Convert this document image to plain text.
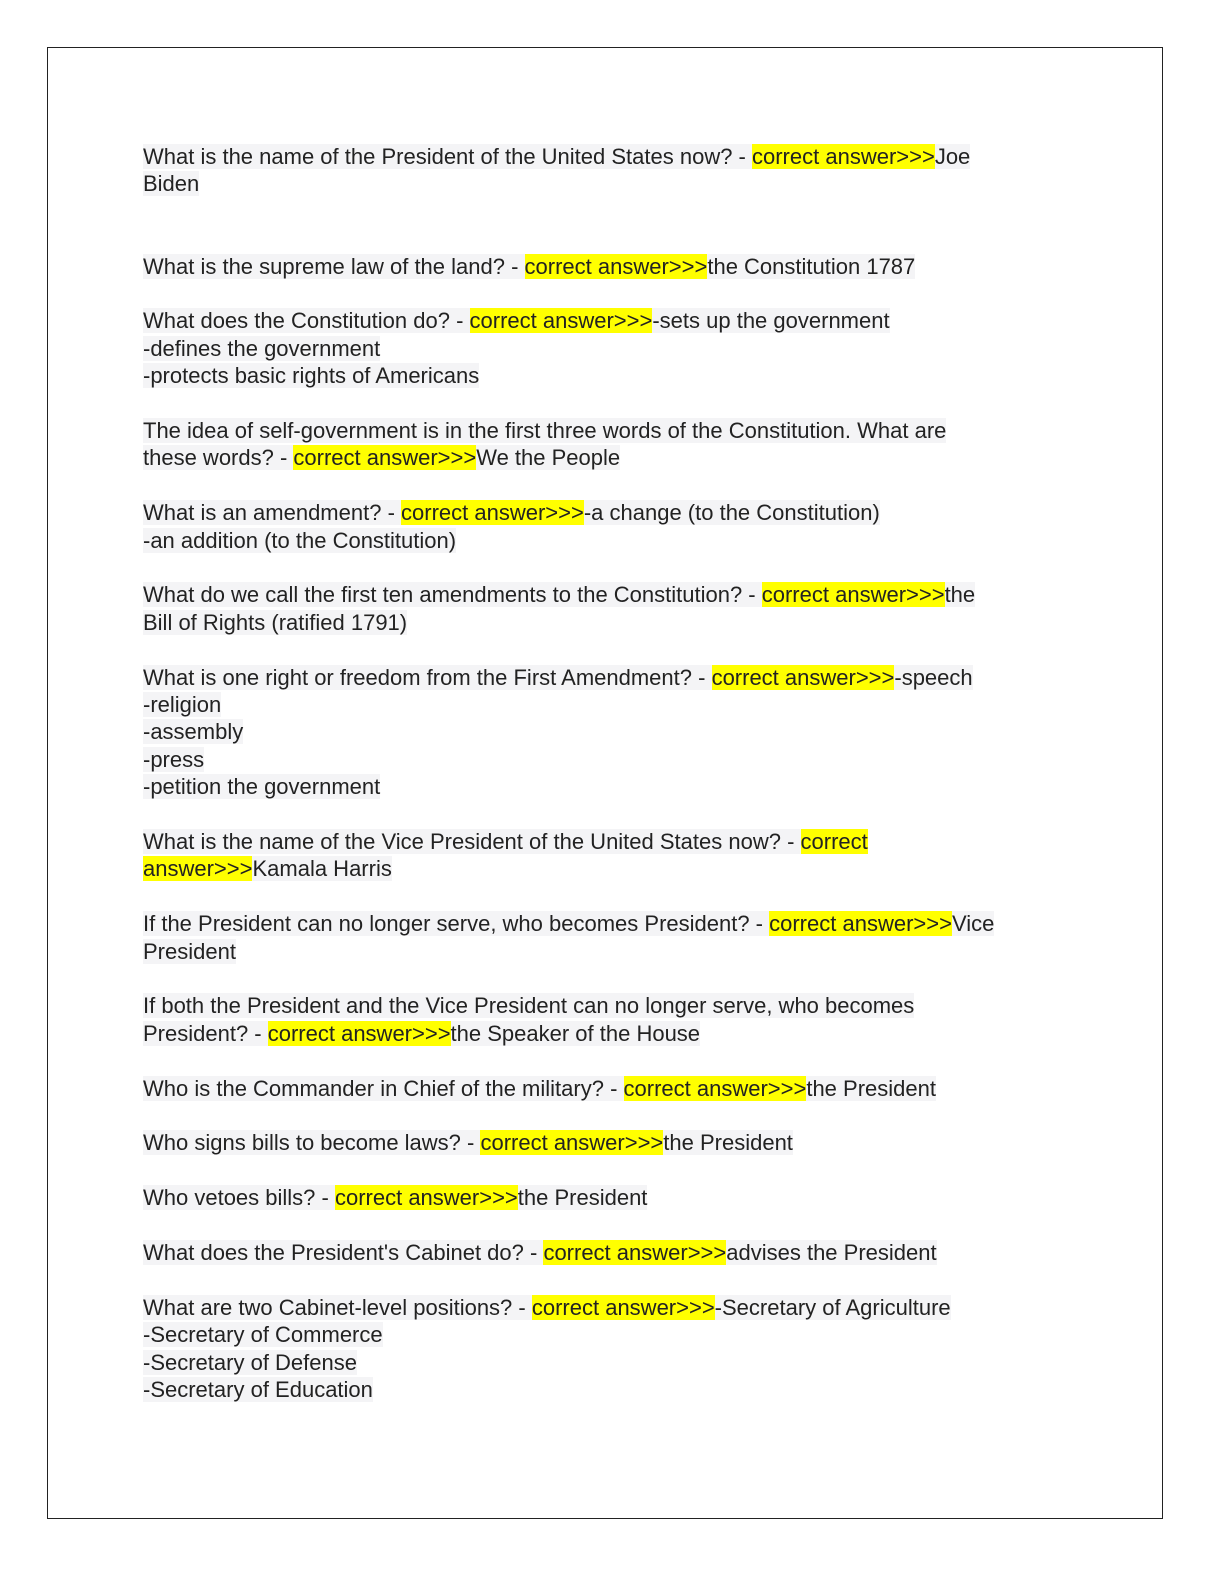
What is the name of the President of the United States now? - correct answer>>>Joe
Biden
What is the supreme law of the land? - correct answer>>>the Constitution 1787
What does the Constitution do? - correct answer>>>-sets up the government
-defines the government
-protects basic rights of Americans
The idea of self-government is in the first three words of the Constitution. What are
these words? - correct answer>>>We the People
What is an amendment? - correct answer>>>-a change (to the Constitution)
-an addition (to the Constitution)
What do we call the first ten amendments to the Constitution? - correct answer>>>the
Bill of Rights (ratified 1791)
What is one right or freedom from the First Amendment? - correct answer>>>-speech
-religion
-assembly
-press
-petition the government
What is the name of the Vice President of the United States now? - correct
answer>>>Kamala Harris
If the President can no longer serve, who becomes President? - correct answer>>>Vice
President
If both the President and the Vice President can no longer serve, who becomes
President? - correct answer>>>the Speaker of the House
Who is the Commander in Chief of the military? - correct answer>>>the President
Who signs bills to become laws? - correct answer>>>the President
Who vetoes bills? - correct answer>>>the President
What does the President's Cabinet do? - correct answer>>>advises the President
What are two Cabinet-level positions? - correct answer>>>-Secretary of Agriculture
-Secretary of Commerce
-Secretary of Defense
-Secretary of Education
